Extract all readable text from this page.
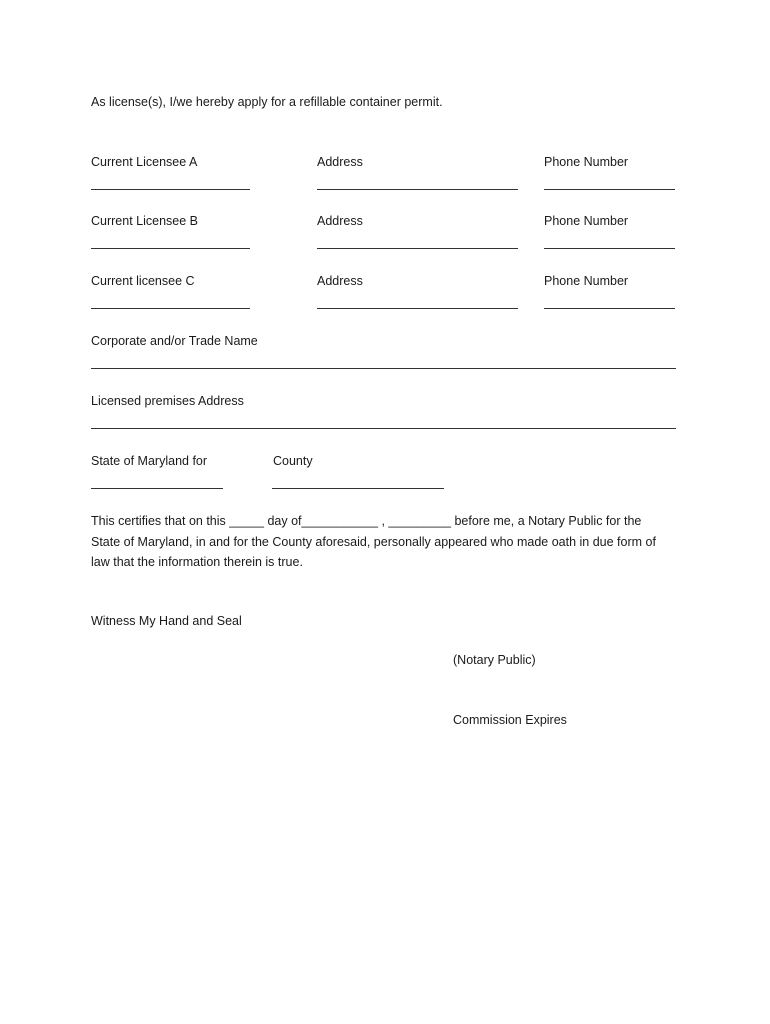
As license(s), I/we hereby apply for a refillable container permit.
Current Licensee A	Address	Phone Number
Current Licensee B	Address	Phone Number
Current licensee C	Address	Phone Number
Corporate and/or Trade Name
Licensed premises Address
State of Maryland for	County

This certifies that on this _____ day of___________ , _________ before me, a Notary Public for the

State of Maryland, in and for the County aforesaid, personally appeared who made oath in due form of

law that the information therein is true.

Witness My Hand and Seal
(Notary Public)
Commission Expires
